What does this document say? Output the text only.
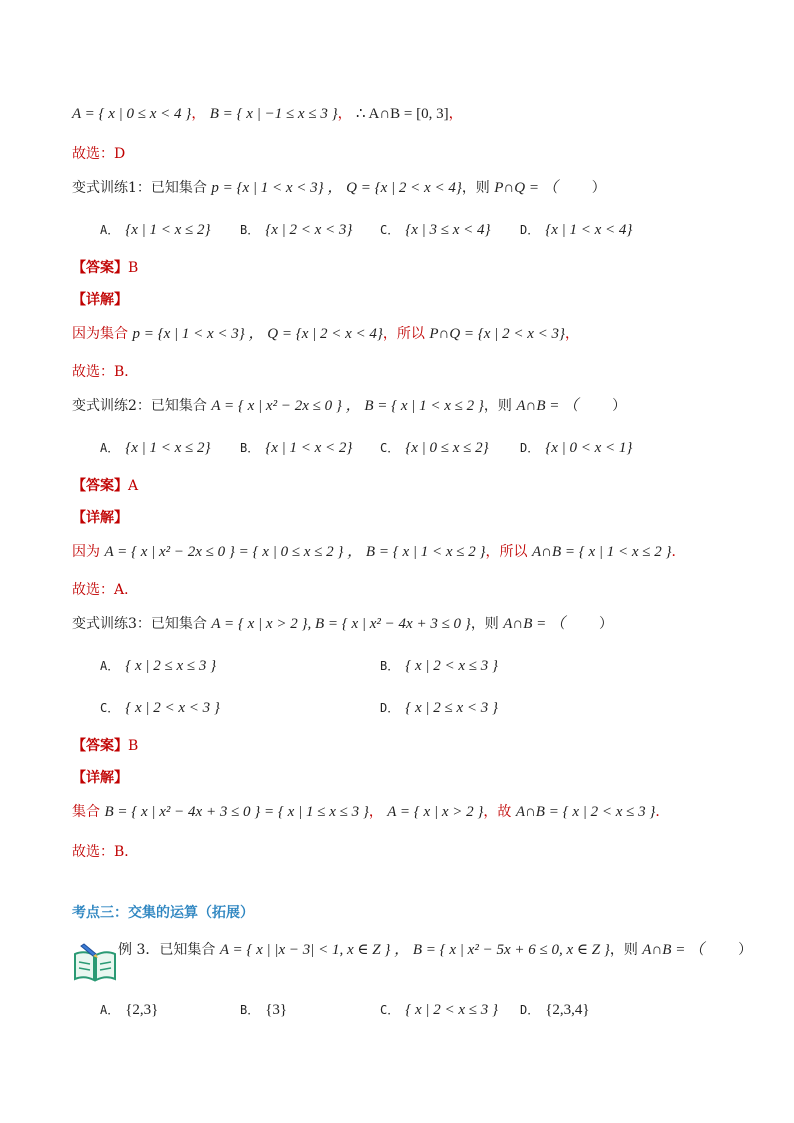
A = { x | 0 ≤ x < 4 }， B = { x | −1 ≤ x ≤ 3 }， ∴ A∩B = [0, 3]，
故选：D
变式训练1：已知集合 p = {x | 1 < x < 3} ， Q = {x | 2 < x < 4}，则 P∩Q = （ ）
A． {x | 1 < x ≤ 2} B． {x | 2 < x < 3} C． {x | 3 ≤ x < 4} D． {x | 1 < x < 4}
【答案】B
【详解】
因为集合 p = {x | 1 < x < 3} ， Q = {x | 2 < x < 4}，所以 P∩Q = {x | 2 < x < 3}，
故选：B．
变式训练2：已知集合 A = { x | x² − 2x ≤ 0 } ， B = { x | 1 < x ≤ 2 }，则 A∩B = （ ）
A． {x | 1 < x ≤ 2} B． {x | 1 < x < 2} C． {x | 0 ≤ x ≤ 2}	D． {x | 0 < x < 1}
【答案】A
【详解】
因为 A = { x | x² − 2x ≤ 0 } = { x | 0 ≤ x ≤ 2 } ， B = { x | 1 < x ≤ 2 }，所以 A∩B = { x | 1 < x ≤ 2 }．
故选：A．
变式训练3：已知集合 A = { x | x > 2 }, B = { x | x² − 4x + 3 ≤ 0 }，则 A∩B = （ ）
A． { x | 2 ≤ x ≤ 3 }	B． { x | 2 < x ≤ 3 }
C． { x | 2 < x < 3 }	D． { x | 2 ≤ x < 3 }
【答案】B
【详解】
集合 B = { x | x² − 4x + 3 ≤ 0 } = { x | 1 ≤ x ≤ 3 }， A = { x | x > 2 }，故 A∩B = { x | 2 < x ≤ 3 }．
故选：B．
考点三：交集的运算（拓展）
例 3．已知集合 A = { x | |x − 3| < 1, x ∈ Z } ， B = { x | x² − 5x + 6 ≤ 0, x ∈ Z }，则 A∩B = （ ）
A． {2,3}	B． {3}	C． { x | 2 < x ≤ 3 } D． {2,3,4}
